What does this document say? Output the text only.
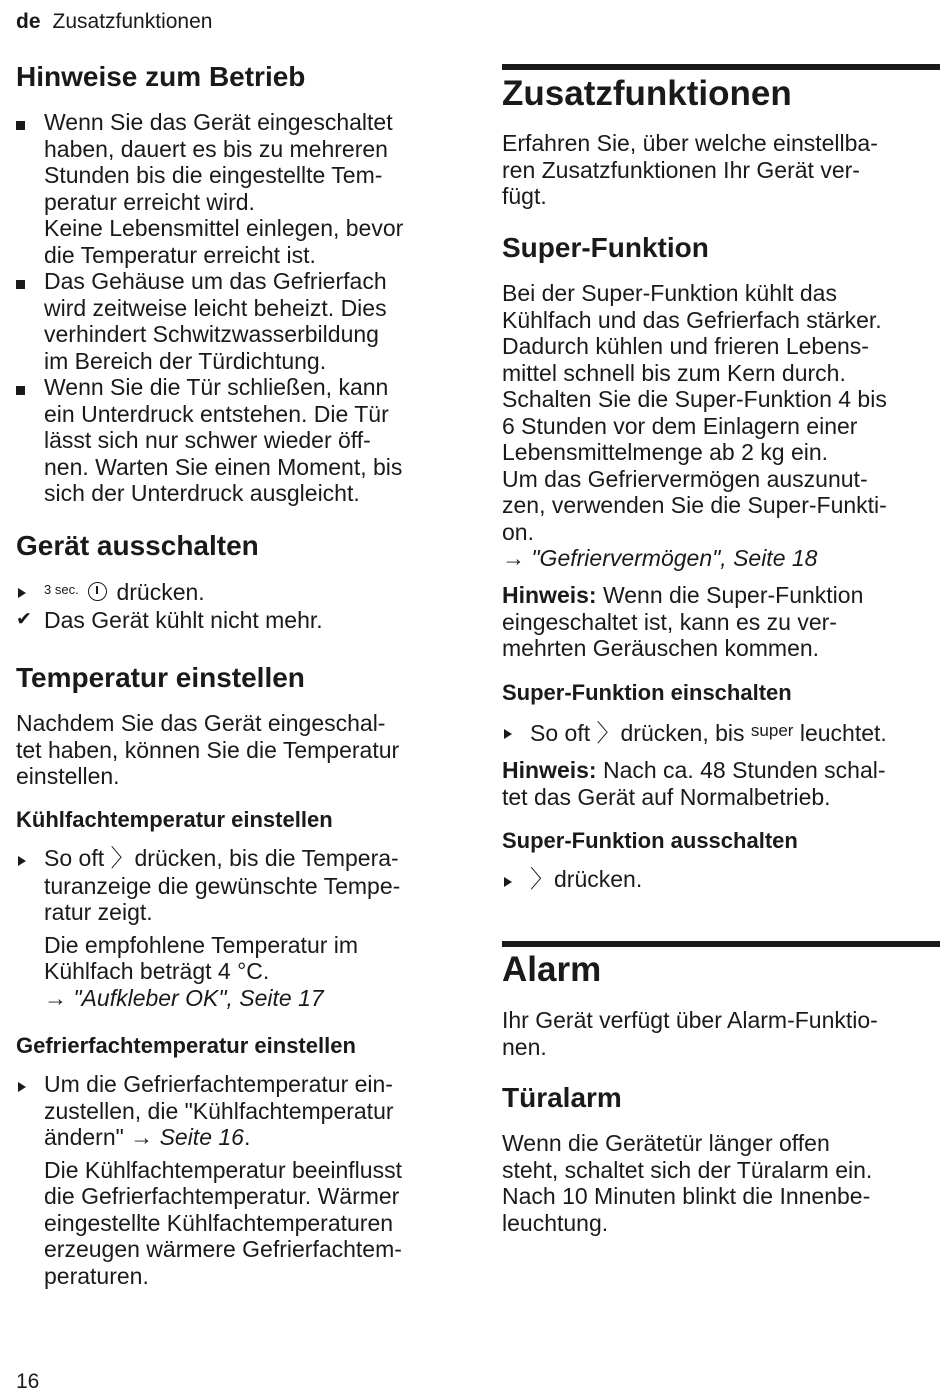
de Zusatzfunktionen
Hinweise zum Betrieb
Wenn Sie das Gerät eingeschaltet
haben, dauert es bis zu mehreren
Stunden bis die eingestellte Tem-
peratur erreicht wird.
Keine Lebensmittel einlegen, bevor
die Temperatur erreicht ist.
Das Gehäuse um das Gefrierfach
wird zeitweise leicht beheizt. Dies
verhindert Schwitzwasserbildung
im Bereich der Türdichtung.
Wenn Sie die Tür schließen, kann
ein Unterdruck entstehen. Die Tür
lässt sich nur schwer wieder öff-
nen. Warten Sie einen Moment, bis
sich der Unterdruck ausgleicht.
Gerät ausschalten
$^{3 sec.}$ drücken.
✔ Das Gerät kühlt nicht mehr.
Temperatur einstellen
Nachdem Sie das Gerät eingeschal-
tet haben, können Sie die Temperatur
einstellen.
Kühlfachtemperatur einstellen
So oft 〉drücken, bis die Tempera-
turanzeige die gewünschte Tempe-
ratur zeigt.
Die empfohlene Temperatur im
Kühlfach beträgt 4 °C.
→ "Aufkleber OK", Seite 17
Gefrierfachtemperatur einstellen
Um die Gefrierfachtemperatur ein-
zustellen, die "Kühlfachtemperatur
ändern" → Seite 16.
Die Kühlfachtemperatur beeinflusst
die Gefrierfachtemperatur. Wärmer
eingestellte Kühlfachtemperaturen
erzeugen wärmere Gefrierfachtem-
peraturen.
Zusatzfunktionen
Erfahren Sie, über welche einstellba-
ren Zusatzfunktionen Ihr Gerät ver-
fügt.
Super-Funktion
Bei der Super-Funktion kühlt das
Kühlfach und das Gefrierfach stärker.
Dadurch kühlen und frieren Lebens-
mittel schnell bis zum Kern durch.
Schalten Sie die Super-Funktion 4 bis
6 Stunden vor dem Einlagern einer
Lebensmittelmenge ab 2 kg ein.
Um das Gefriervermögen auszunut-
zen, verwenden Sie die Super-Funkti-
on.
→ "Gefriervermögen", Seite 18
Hinweis: Wenn die Super-Funktion
eingeschaltet ist, kann es zu ver-
mehrten Geräuschen kommen.
Super-Funktion einschalten
So oft 〉drücken, bis $^{super}$ leuchtet.
Hinweis: Nach ca. 48 Stunden schal-
tet das Gerät auf Normalbetrieb.
Super-Funktion ausschalten
〉drücken.
Alarm
Ihr Gerät verfügt über Alarm-Funktio-
nen.
Türalarm
Wenn die Gerätetür länger offen
steht, schaltet sich der Türalarm ein.
Nach 10 Minuten blinkt die Innenbe-
leuchtung.
16
